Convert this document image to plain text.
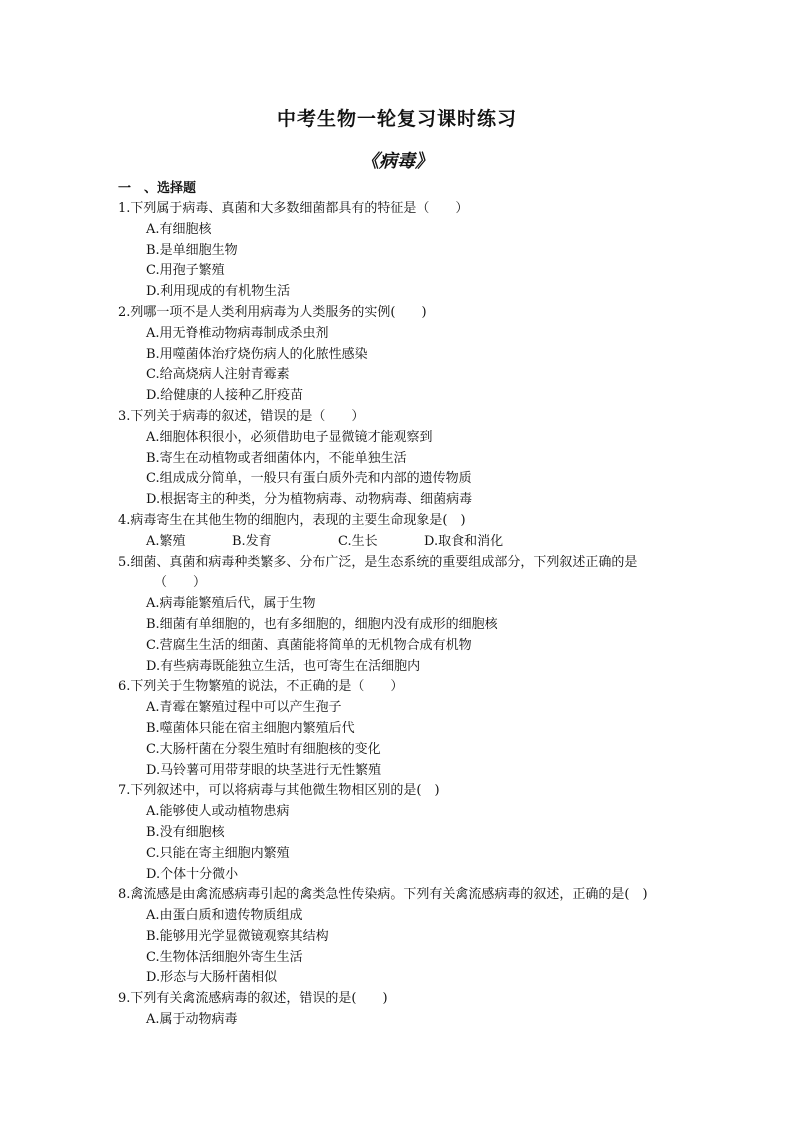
中考生物一轮复习课时练习
《病毒》
一　、选择题
1.下列属于病毒、真菌和大多数细菌都具有的特征是（　　）
A.有细胞核
B.是单细胞生物
C.用孢子繁殖
D.利用现成的有机物生活
2.列哪一项不是人类利用病毒为人类服务的实例(　　)
A.用无脊椎动物病毒制成杀虫剂
B.用噬菌体治疗烧伤病人的化脓性感染
C.给高烧病人注射青霉素
D.给健康的人接种乙肝疫苗
3.下列关于病毒的叙述，错误的是（　　）
A.细胞体积很小，必须借助电子显微镜才能观察到
B.寄生在动植物或者细菌体内，不能单独生活
C.组成成分简单，一般只有蛋白质外壳和内部的遗传物质
D.根据寄主的种类，分为植物病毒、动物病毒、细菌病毒
4.病毒寄生在其他生物的细胞内，表现的主要生命现象是(　)
A.繁殖	B.发育	C.生长	D.取食和消化
5.细菌、真菌和病毒种类繁多、分布广泛，是生态系统的重要组成部分，下列叙述正确的是
（　　）
A.病毒能繁殖后代，属于生物
B.细菌有单细胞的，也有多细胞的，细胞内没有成形的细胞核
C.营腐生生活的细菌、真菌能将简单的无机物合成有机物
D.有些病毒既能独立生活，也可寄生在活细胞内
6.下列关于生物繁殖的说法，不正确的是（　　）
A.青霉在繁殖过程中可以产生孢子
B.噬菌体只能在宿主细胞内繁殖后代
C.大肠杆菌在分裂生殖时有细胞核的变化
D.马铃薯可用带芽眼的块茎进行无性繁殖
7.下列叙述中，可以将病毒与其他微生物相区别的是(　)
A.能够使人或动植物患病
B.没有细胞核
C.只能在寄主细胞内繁殖
D.个体十分微小
8.禽流感是由禽流感病毒引起的禽类急性传染病。下列有关禽流感病毒的叙述，正确的是(　)
A.由蛋白质和遗传物质组成
B.能够用光学显微镜观察其结构
C.生物体活细胞外寄生生活
D.形态与大肠杆菌相似
9.下列有关禽流感病毒的叙述，错误的是(　　)
A.属于动物病毒
